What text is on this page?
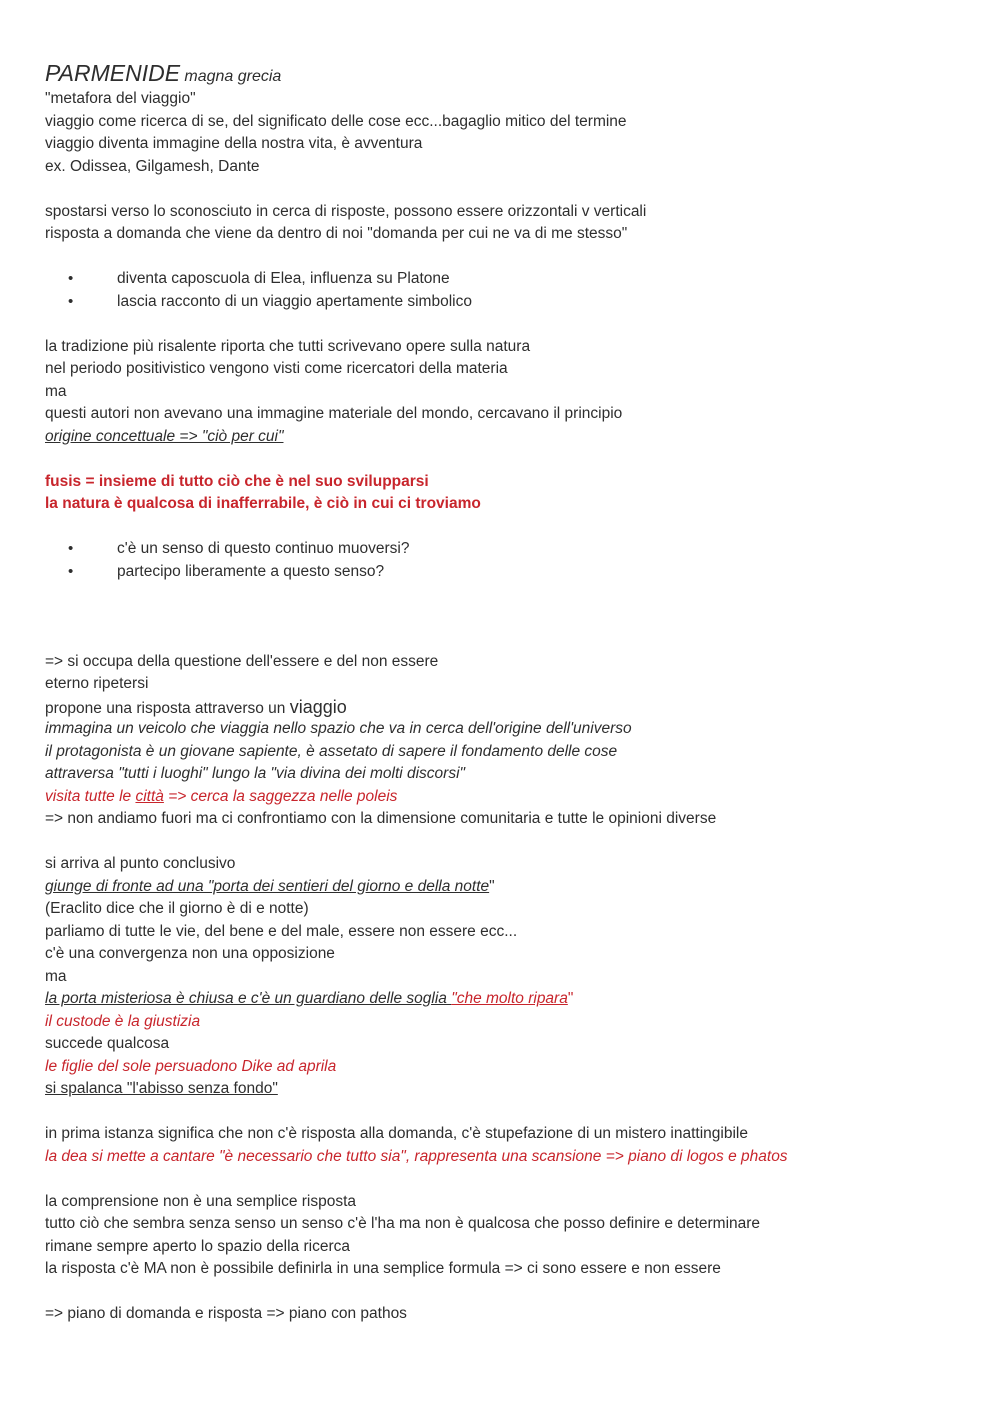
PARMENIDE magna grecia
"metafora del viaggio"
viaggio come ricerca di se, del significato delle cose ecc...bagaglio mitico del termine
viaggio diventa immagine della nostra vita, è avventura
ex. Odissea, Gilgamesh, Dante
spostarsi verso lo sconosciuto in cerca di risposte, possono essere orizzontali v verticali
risposta a domanda che viene da dentro di noi "domanda per cui ne va di me stesso"
•	diventa caposcuola di Elea, influenza su Platone
•	lascia racconto di un viaggio apertamente simbolico
la tradizione più risalente riporta che tutti scrivevano opere sulla natura
nel periodo positivistico vengono visti come ricercatori della materia
ma
questi autori non avevano una immagine materiale del mondo, cercavano il principio
origine concettuale => "ciò per cui"
fusis = insieme di tutto ciò che è nel suo svilupparsi
la natura è qualcosa di inafferrabile, è ciò in cui ci troviamo
•	c'è un senso di questo continuo muoversi?
•	partecipo liberamente a questo senso?
=> si occupa della questione dell'essere e del non essere
eterno ripetersi
propone una risposta attraverso un viaggio
immagina un veicolo che viaggia nello spazio che va in cerca dell'origine dell'universo
il protagonista è un giovane sapiente, è assetato di sapere il fondamento delle cose
attraversa "tutti i luoghi" lungo la "via divina dei molti discorsi"
visita tutte le città => cerca la saggezza nelle poleis
=> non andiamo fuori ma ci confrontiamo con la dimensione comunitaria e tutte le opinioni diverse
si arriva al punto conclusivo
giunge di fronte ad una "porta dei sentieri del giorno e della notte"
(Eraclito dice che il giorno è di e notte)
parliamo di tutte le vie, del bene e del male, essere non essere ecc...
c'è una convergenza non una opposizione
ma
la porta misteriosa è chiusa e c'è un guardiano delle soglia "che molto ripara"
il custode è la giustizia
succede qualcosa
le figlie del sole persuadono Dike ad aprila
si spalanca "l'abisso senza fondo"
in prima istanza significa che non c'è risposta alla domanda, c'è stupefazione di un mistero inattingibile
la dea si mette a cantare "è necessario che tutto sia", rappresenta una scansione => piano di logos e phatos
la comprensione non è una semplice risposta
tutto ciò che sembra senza senso un senso c'è l'ha ma non è qualcosa che posso definire e determinare
rimane sempre aperto lo spazio della ricerca
la risposta c'è MA non è possibile definirla in una semplice formula => ci sono essere e non essere
=> piano di domanda e risposta => piano con pathos
